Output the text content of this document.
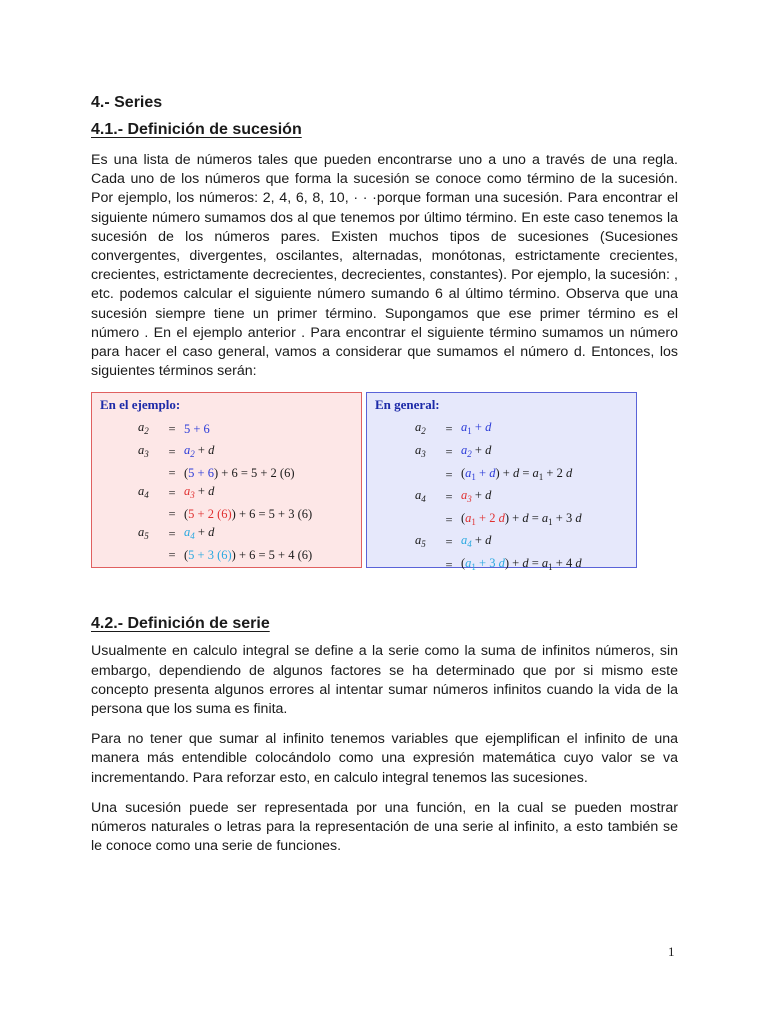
4.- Series
4.1.- Definición de sucesión

Es una lista de números tales que pueden encontrarse uno a uno a través de una regla. Cada uno de los números que forma la sucesión se conoce como término de la sucesión. Por ejemplo, los números: 2, 4, 6, 8, 10, · · ·porque forman una sucesión. Para encontrar el siguiente número sumamos dos al que tenemos por último término. En este caso tenemos la sucesión de los números pares. Existen muchos tipos de sucesiones (Sucesiones convergentes, divergentes, oscilantes, alternadas, monótonas, estrictamente crecientes, crecientes, estrictamente decrecientes, decrecientes, constantes). Por ejemplo, la sucesión: , etc. podemos calcular el siguiente número sumando 6 al último término. Observa que una sucesión siempre tiene un primer término. Supongamos que ese primer término es el número . En el ejemplo anterior . Para encontrar el siguiente término sumamos un número para hacer el caso general, vamos a considerar que sumamos el número d. Entonces, los siguientes términos serán:

En el ejemplo:
$a_2$	=	5 + 6
$a_3$	=	$a_2 + d$
	=	(5 + 6) + 6 = 5 + 2 (6)
$a_4$	=	$a_3 + d$
	=	(5 + 2 (6)) + 6 = 5 + 3 (6)
$a_5$	=	$a_4 + d$
	=	(5 + 3 (6)) + 6 = 5 + 4 (6)
En general:
$a_2$	=	$a_1 + d$
$a_3$	=	$a_2 + d$
	=	$(a_1 + d) + d = a_1 + 2$ d
$a_4$	=	$a_3 + d$
	=	($a_1 + 2$ $d) + d = a_1 + 3$ d
$a_5$	=	$a_4 + d$
	=	($a_1 + 3$ $d) + d = a_1 + 4$ d
4.2.- Definición de serie

Usualmente en calculo integral se define a la serie como la suma de infinitos números, sin embargo, dependiendo de algunos factores se ha determinado que por si mismo este concepto presenta algunos errores al intentar sumar números infinitos cuando la vida de la persona que los suma es finita.

Para no tener que sumar al infinito tenemos variables que ejemplifican el infinito de una manera más entendible colocándolo como una expresión matemática cuyo valor se va incrementando. Para reforzar esto, en calculo integral tenemos las sucesiones.

Una sucesión puede ser representada por una función, en la cual se pueden mostrar números naturales o letras para la representación de una serie al infinito, a esto también se le conoce como una serie de funciones.

1
